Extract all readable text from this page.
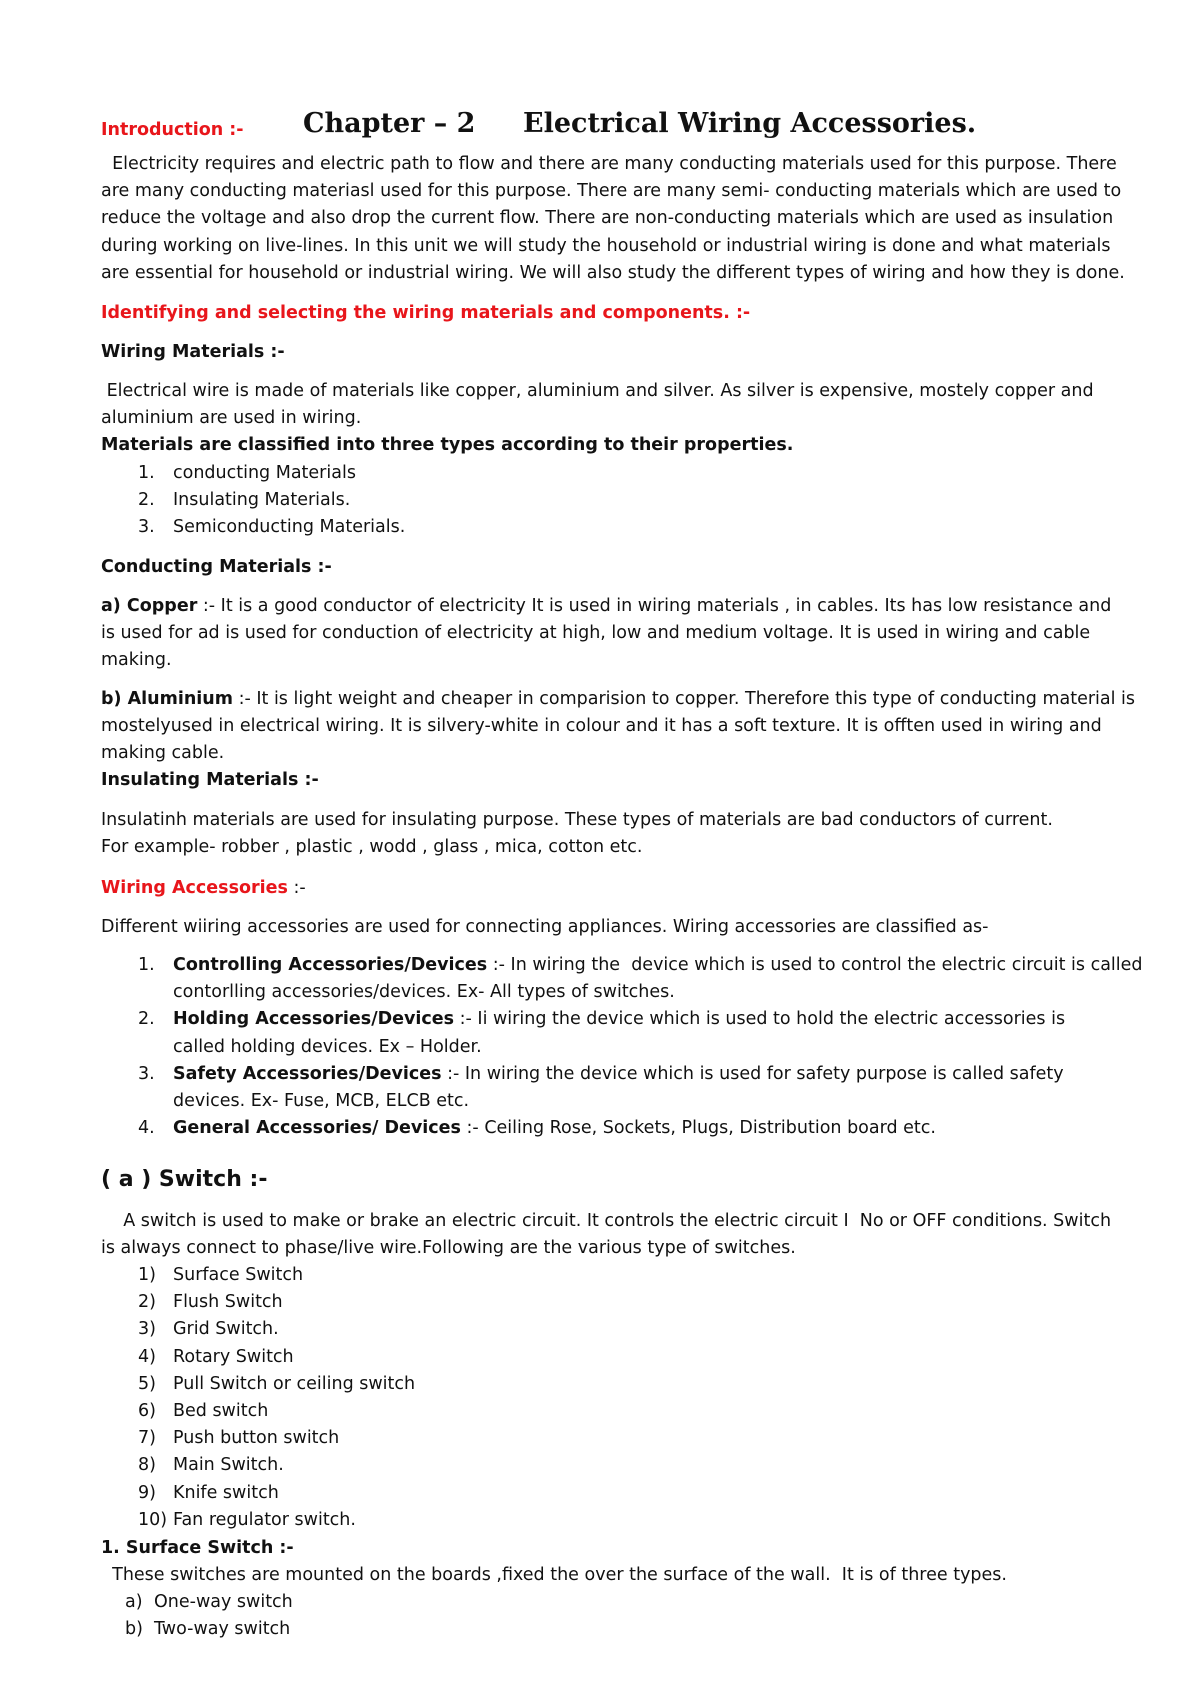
Introduction :- Chapter – 2 Electrical Wiring Accessories.
Electricity requires and electric path to flow and there are many conducting materials used for this purpose. There
are many conducting materiasl used for this purpose. There are many semi- conducting materials which are used to
reduce the voltage and also drop the current flow. There are non-conducting materials which are used as insulation
during working on live-lines. In this unit we will study the household or industrial wiring is done and what materials
are essential for household or industrial wiring. We will also study the different types of wiring and how they is done.
Identifying and selecting the wiring materials and components. :-
Wiring Materials :-
Electrical wire is made of materials like copper, aluminium and silver. As silver is expensive, mostely copper and
aluminium are used in wiring.
Materials are classified into three types according to their properties.
1. conducting Materials
2. Insulating Materials.
3. Semiconducting Materials.
Conducting Materials :-
a) Copper :- It is a good conductor of electricity It is used in wiring materials , in cables. Its has low resistance and
is used for ad is used for conduction of electricity at high, low and medium voltage. It is used in wiring and cable
making.
b) Aluminium :- It is light weight and cheaper in comparision to copper. Therefore this type of conducting material is
mostelyused in electrical wiring. It is silvery-white in colour and it has a soft texture. It is offten used in wiring and
making cable.
Insulating Materials :-
Insulatinh materials are used for insulating purpose. These types of materials are bad conductors of current.
For example- robber , plastic , wodd , glass , mica, cotton etc.
Wiring Accessories :-
Different wiiring accessories are used for connecting appliances. Wiring accessories are classified as-
1. Controlling Accessories/Devices :- In wiring the  device which is used to control the electric circuit is called
contorlling accessories/devices. Ex- All types of switches.
2. Holding Accessories/Devices :- Ii wiring the device which is used to hold the electric accessories is
called holding devices. Ex – Holder.
3. Safety Accessories/Devices :- In wiring the device which is used for safety purpose is called safety
devices. Ex- Fuse, MCB, ELCB etc.
4. General Accessories/ Devices :- Ceiling Rose, Sockets, Plugs, Distribution board etc.
( a ) Switch :-
A switch is used to make or brake an electric circuit. It controls the electric circuit I  No or OFF conditions. Switch
is always connect to phase/live wire.Following are the various type of switches.
1) Surface Switch
2) Flush Switch
3) Grid Switch.
4) Rotary Switch
5) Pull Switch or ceiling switch
6) Bed switch
7) Push button switch
8) Main Switch.
9) Knife switch
10) Fan regulator switch.
1. Surface Switch :-
These switches are mounted on the boards ,fixed the over the surface of the wall.  It is of three types.
a) One-way switch
b) Two-way switch
